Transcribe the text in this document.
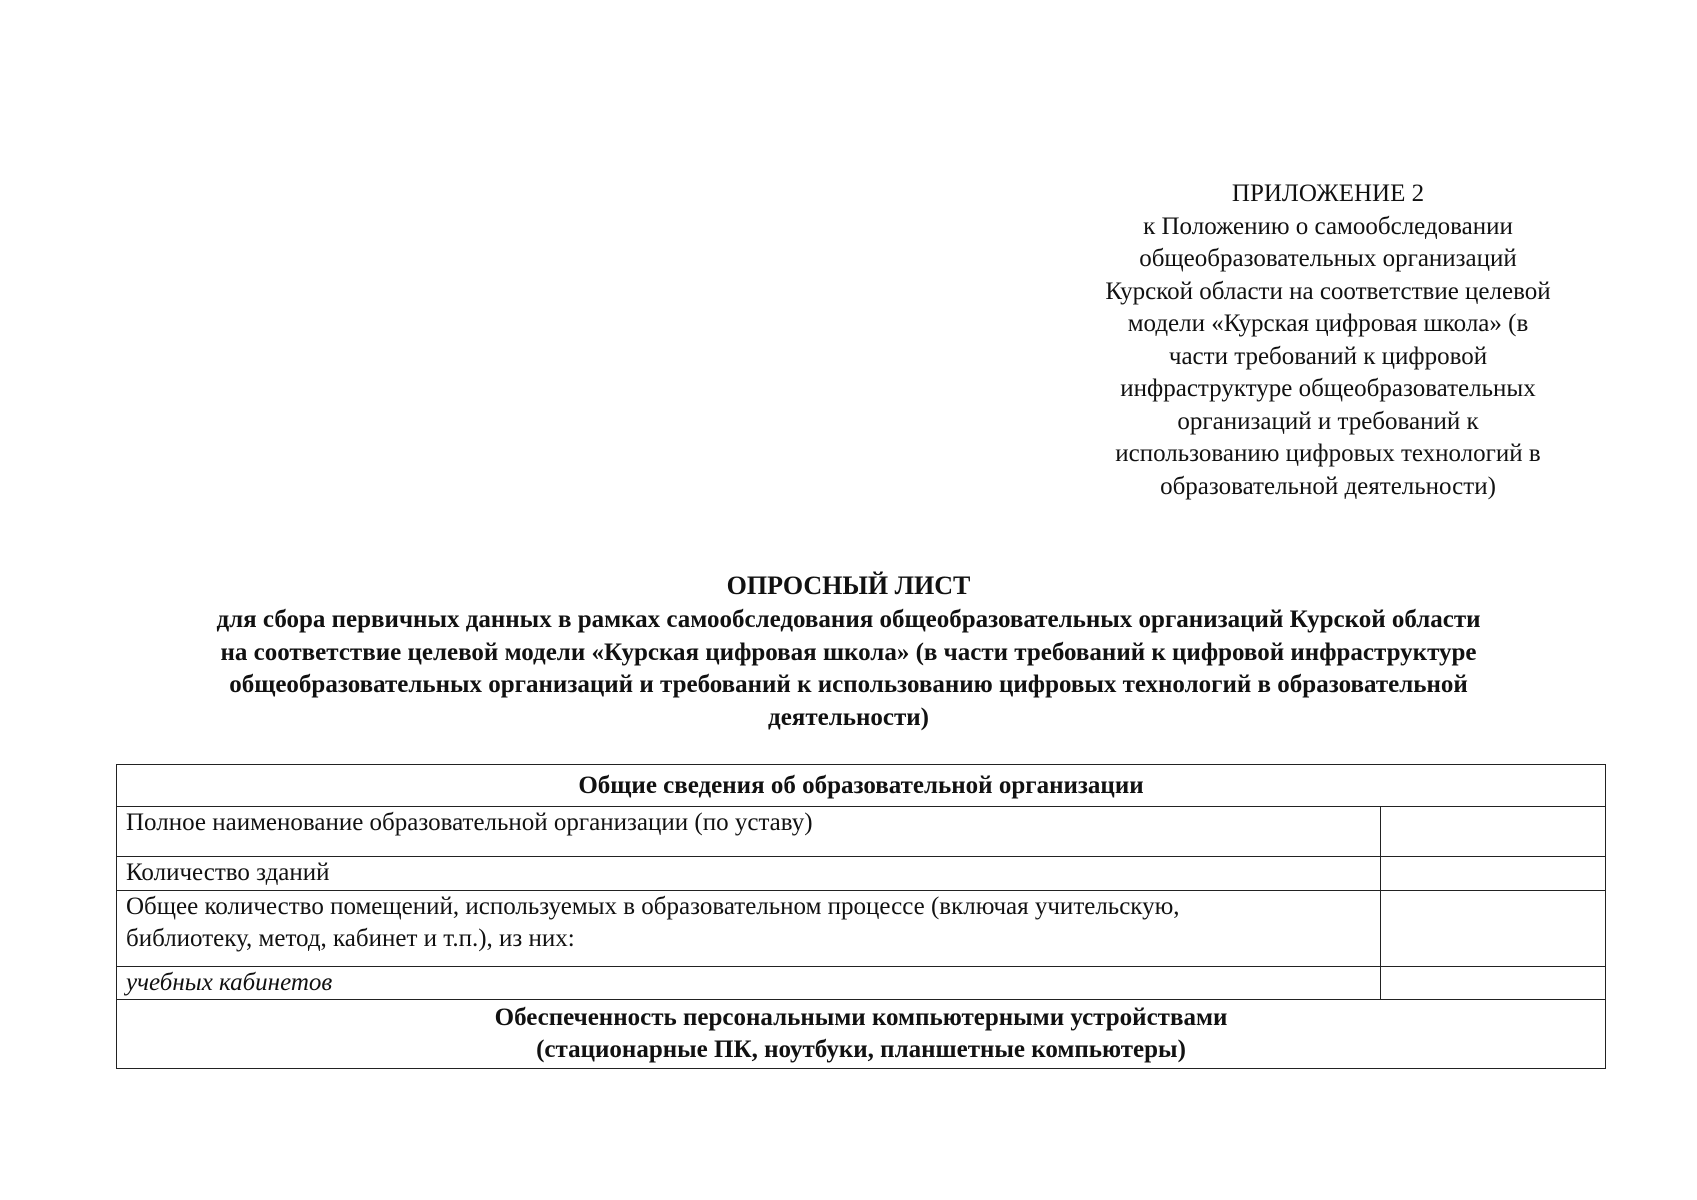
ПРИЛОЖЕНИЕ 2
к Положению о самообследовании
общеобразовательных организаций
Курской области на соответствие целевой
модели «Курская цифровая школа» (в
части требований к цифровой
инфраструктуре общеобразовательных
организаций и требований к
использованию цифровых технологий в
образовательной деятельности)
ОПРОСНЫЙ ЛИСТ
для сбора первичных данных в рамках самообследования общеобразовательных организаций Курской области
на соответствие целевой модели «Курская цифровая школа» (в части требований к цифровой инфраструктуре
общеобразовательных организаций и требований к использованию цифровых технологий в образовательной
деятельности)
Общие сведения об образовательной организации	
Полное наименование образовательной организации (по уставу)	
Количество зданий	

Общее количество помещений, используемых в образовательном процессе (включая учительскую,
библиотеку, метод, кабинет и т.п.), из них:	

учебных кабинетов	

Обеспеченность персональными компьютерными устройствами
(стационарные ПК, ноутбуки, планшетные компьютеры)	
